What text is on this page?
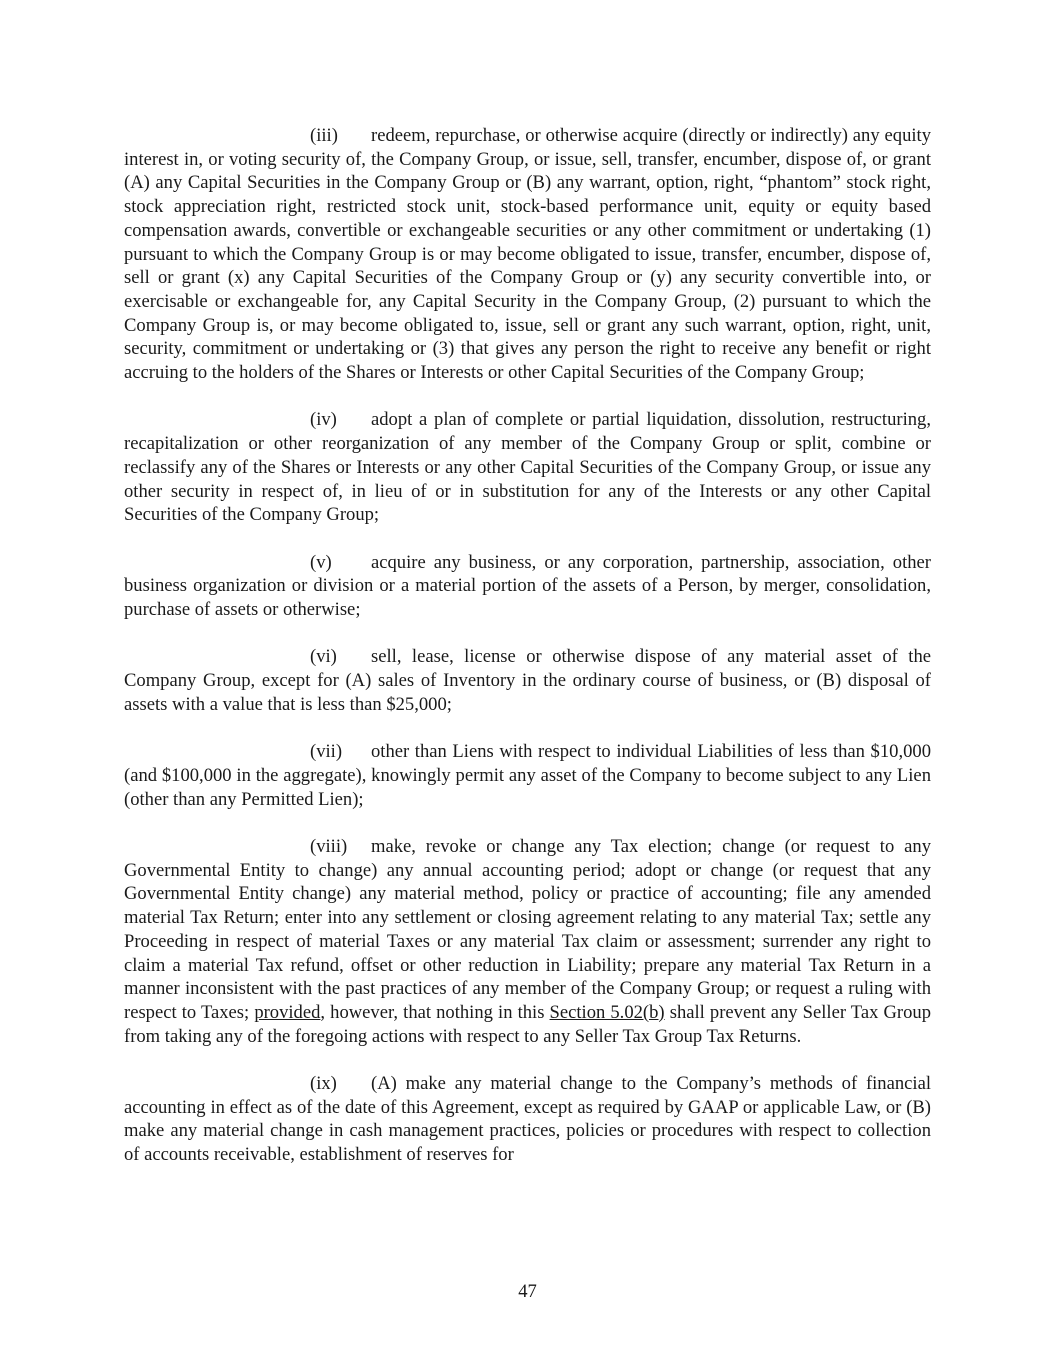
(iii) redeem, repurchase, or otherwise acquire (directly or indirectly) any equity interest in, or voting security of, the Company Group, or issue, sell, transfer, encumber, dispose of, or grant (A) any Capital Securities in the Company Group or (B) any warrant, option, right, “phantom” stock right, stock appreciation right, restricted stock unit, stock-based performance unit, equity or equity based compensation awards, convertible or exchangeable securities or any other commitment or undertaking (1) pursuant to which the Company Group is or may become obligated to issue, transfer, encumber, dispose of, sell or grant (x) any Capital Securities of the Company Group or (y) any security convertible into, or exercisable or exchangeable for, any Capital Security in the Company Group, (2) pursuant to which the Company Group is, or may become obligated to, issue, sell or grant any such warrant, option, right, unit, security, commitment or undertaking or (3) that gives any person the right to receive any benefit or right accruing to the holders of the Shares or Interests or other Capital Securities of the Company Group;

(iv) adopt a plan of complete or partial liquidation, dissolution, restructuring, recapitalization or other reorganization of any member of the Company Group or split, combine or reclassify any of the Shares or Interests or any other Capital Securities of the Company Group, or issue any other security in respect of, in lieu of or in substitution for any of the Interests or any other Capital Securities of the Company Group;

(v) acquire any business, or any corporation, partnership, association, other business organization or division or a material portion of the assets of a Person, by merger, consolidation, purchase of assets or otherwise;

(vi) sell, lease, license or otherwise dispose of any material asset of the Company Group, except for (A) sales of Inventory in the ordinary course of business, or (B) disposal of assets with a value that is less than $25,000;

(vii) other than Liens with respect to individual Liabilities of less than $10,000 (and $100,000 in the aggregate), knowingly permit any asset of the Company to become subject to any Lien (other than any Permitted Lien);

(viii) make, revoke or change any Tax election; change (or request to any Governmental Entity to change) any annual accounting period; adopt or change (or request that any Governmental Entity change) any material method, policy or practice of accounting; file any amended material Tax Return; enter into any settlement or closing agreement relating to any material Tax; settle any Proceeding in respect of material Taxes or any material Tax claim or assessment; surrender any right to claim a material Tax refund, offset or other reduction in Liability; prepare any material Tax Return in a manner inconsistent with the past practices of any member of the Company Group; or request a ruling with respect to Taxes; provided, however, that nothing in this Section 5.02(b) shall prevent any Seller Tax Group from taking any of the foregoing actions with respect to any Seller Tax Group Tax Returns.

(ix) (A) make any material change to the Company’s methods of financial accounting in effect as of the date of this Agreement, except as required by GAAP or applicable Law, or (B) make any material change in cash management practices, policies or procedures with respect to collection of accounts receivable, establishment of reserves for

47
